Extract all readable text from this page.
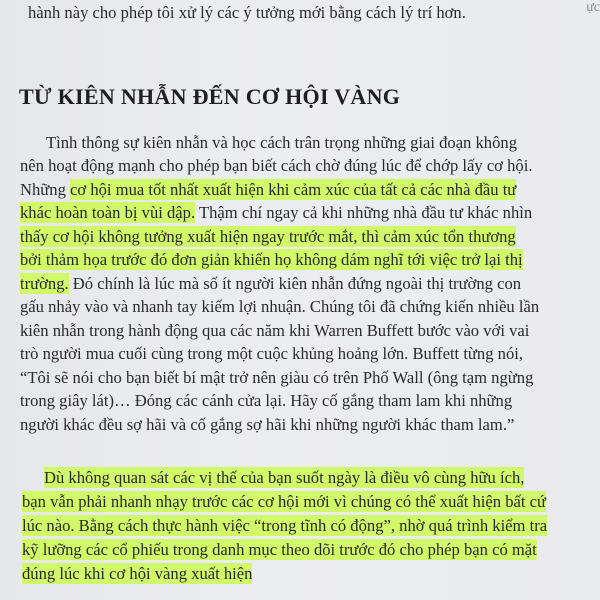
ực
hành này cho phép tôi xử lý các ý tưởng mới bằng cách lý trí hơn.
TỪ KIÊN NHẪN ĐẾN CƠ HỘI VÀNG
Tình thông sự kiên nhẫn và học cách trân trọng những giai đoạn không
nên hoạt động mạnh cho phép bạn biết cách chờ đúng lúc để chớp lấy cơ hội.
Những cơ hội mua tốt nhất xuất hiện khi cảm xúc của tất cả các nhà đầu tư
khác hoàn toàn bị vùi dập. Thậm chí ngay cả khi những nhà đầu tư khác nhìn
thấy cơ hội không tưởng xuất hiện ngay trước mắt, thì cảm xúc tổn thương
bởi thảm họa trước đó đơn giản khiến họ không dám nghĩ tới việc trở lại thị
trường. Đó chính là lúc mà số ít người kiên nhẫn đứng ngoài thị trường con
gấu nhảy vào và nhanh tay kiếm lợi nhuận. Chúng tôi đã chứng kiến nhiều lần
kiên nhẫn trong hành động qua các năm khi Warren Buffett bước vào với vai
trò người mua cuối cùng trong một cuộc khủng hoảng lớn. Buffett từng nói,
“Tôi sẽ nói cho bạn biết bí mật trở nên giàu có trên Phố Wall (ông tạm ngừng
trong giây lát)… Đóng các cánh cửa lại. Hãy cố gắng tham lam khi những
người khác đều sợ hãi và cố gắng sợ hãi khi những người khác tham lam.”
Dù không quan sát các vị thế của bạn suốt ngày là điều vô cùng hữu ích,
bạn vẫn phải nhanh nhạy trước các cơ hội mới vì chúng có thể xuất hiện bất cứ
lúc nào. Bằng cách thực hành việc “trong tĩnh có động”, nhờ quá trình kiểm tra
kỹ lưỡng các cổ phiếu trong danh mục theo dõi trước đó cho phép bạn có mặt
đúng lúc khi cơ hội vàng xuất hiện
